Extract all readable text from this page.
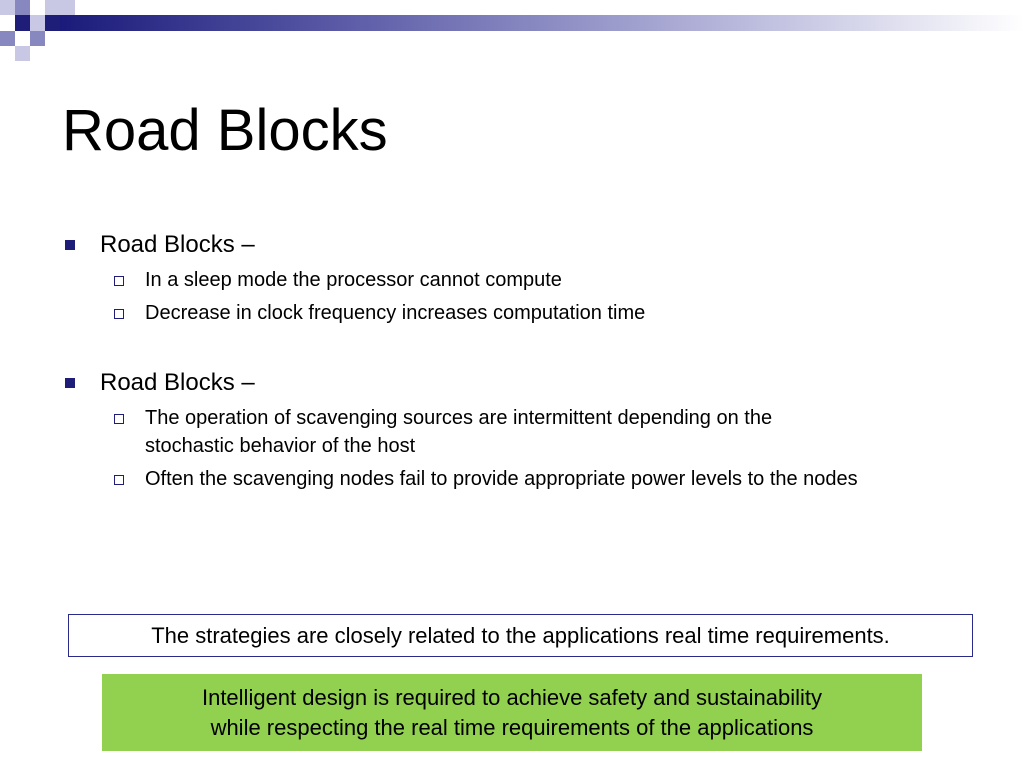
Road Blocks
Road Blocks –
In a sleep mode the processor cannot compute
Decrease in clock frequency increases computation time
Road Blocks –
The operation of scavenging sources are intermittent depending on the stochastic behavior of the host
Often the scavenging nodes fail to provide appropriate power levels to the nodes
The strategies are closely related to the applications real time requirements.
Intelligent design is required to achieve safety and sustainability
while respecting the real time requirements of the applications
